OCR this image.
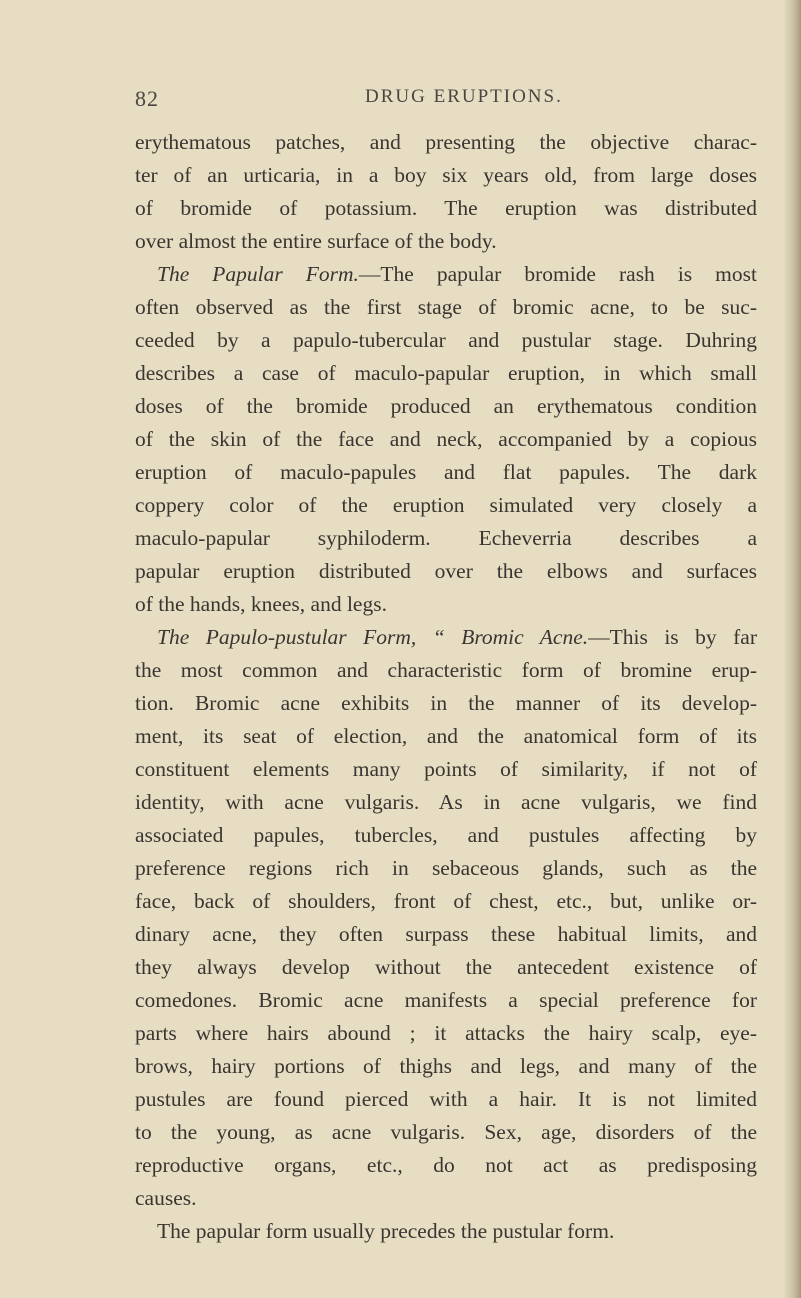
82	DRUG ERUPTIONS.
erythematous patches, and presenting the objective charac-
ter of an urticaria, in a boy six years old, from large doses
of bromide of potassium. The eruption was distributed
over almost the entire surface of the body.
The Papular Form.—The papular bromide rash is most
often observed as the first stage of bromic acne, to be suc-
ceeded by a papulo-tubercular and pustular stage. Duhring
describes a case of maculo-papular eruption, in which small
doses of the bromide produced an erythematous condition
of the skin of the face and neck, accompanied by a copious
eruption of maculo-papules and flat papules. The dark
coppery color of the eruption simulated very closely a
maculo-papular syphiloderm. Echeverria describes a
papular eruption distributed over the elbows and surfaces
of the hands, knees, and legs.
The Papulo-pustular Form, “ Bromic Acne.—This is by far
the most common and characteristic form of bromine erup-
tion. Bromic acne exhibits in the manner of its develop-
ment, its seat of election, and the anatomical form of its
constituent elements many points of similarity, if not of
identity, with acne vulgaris. As in acne vulgaris, we find
associated papules, tubercles, and pustules affecting by
preference regions rich in sebaceous glands, such as the
face, back of shoulders, front of chest, etc., but, unlike or-
dinary acne, they often surpass these habitual limits, and
they always develop without the antecedent existence of
comedones. Bromic acne manifests a special preference for
parts where hairs abound ; it attacks the hairy scalp, eye-
brows, hairy portions of thighs and legs, and many of the
pustules are found pierced with a hair. It is not limited
to the young, as acne vulgaris. Sex, age, disorders of the
reproductive organs, etc., do not act as predisposing
causes.
The papular form usually precedes the pustular form.
